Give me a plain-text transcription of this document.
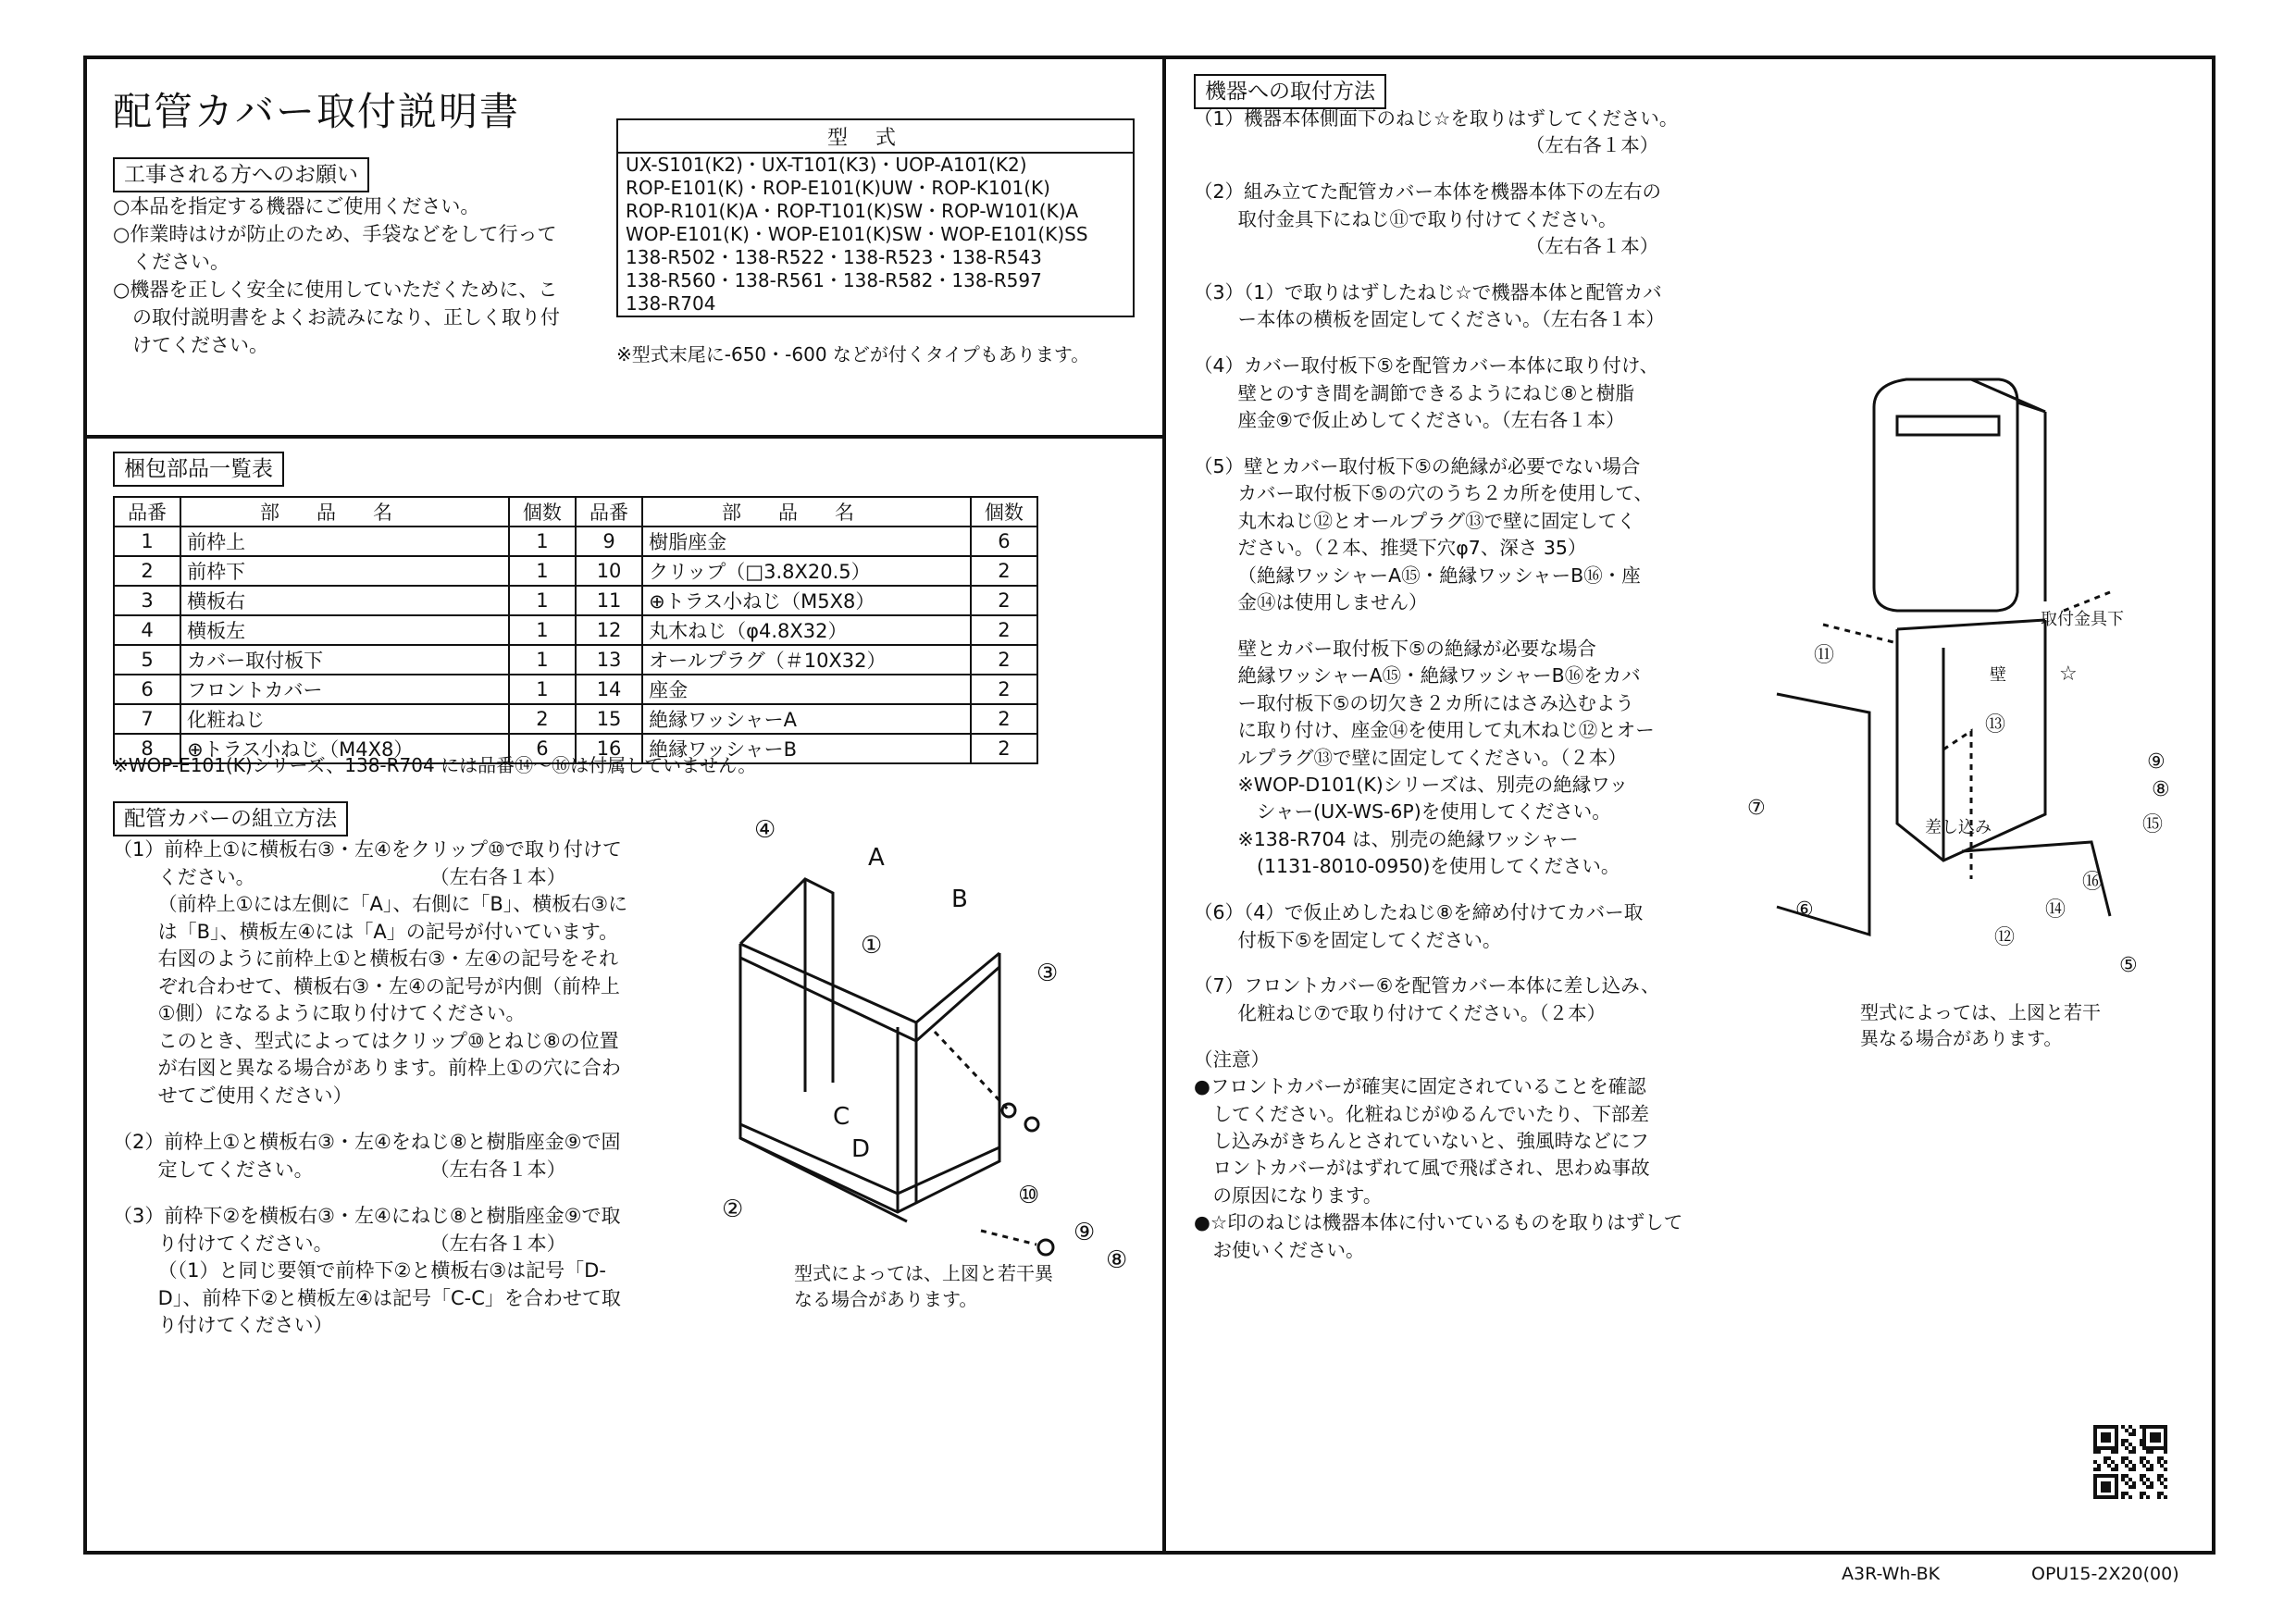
配管カバー取付説明書
工事される方へのお願い
○本品を指定する機器にご使用ください。
○作業時はけが防止のため、手袋などをして行って
　ください。
○機器を正しく安全に使用していただくために、こ
　の取付説明書をよくお読みになり、正しく取り付
　けてください。
型式

UX-S101(K2)・UX-T101(K3)・UOP-A101(K2)
ROP-E101(K)・ROP-E101(K)UW・ROP-K101(K)
ROP-R101(K)A・ROP-T101(K)SW・ROP-W101(K)A
WOP-E101(K)・WOP-E101(K)SW・WOP-E101(K)SS
138-R502・138-R522・138-R523・138-R543
138-R560・138-R561・138-R582・138-R597
138-R704
※型式末尾に-650・-600 などが付くタイプもあります。
梱包部品一覧表
品番	部品名	個数	品番	部品名	個数
1	前枠上	1	9	樹脂座金	6
2	前枠下	1	10	クリップ（□3.8X20.5）	2
3	横板右	1	11	⊕トラス小ねじ（M5X8）	2
4	横板左	1	12	丸木ねじ（φ4.8X32）	2
5	カバー取付板下	1	13	オールプラグ（＃10X32）	2
6	フロントカバー	1	14	座金	2
7	化粧ねじ	2	15	絶縁ワッシャーA	2
8	⊕トラス小ねじ（M4X8）	6	16	絶縁ワッシャーB	2
※WOP-E101(K)シリーズ、138-R704 には品番⑭〜⑯は付属していません。
配管カバーの組立方法
（1）前枠上①に横板右③・左④をクリップ⑩で取り付けて
　　 ください。　　　　　　　　　　（左右各１本）
　　 （前枠上①には左側に「A」、右側に「B」、横板右③に
　　 は「B」、横板左④には「A」の記号が付いています。
　　 右図のように前枠上①と横板右③・左④の記号をそれ
　　 ぞれ合わせて、横板右③・左④の記号が内側（前枠上
　　 ①側）になるように取り付けてください。
　　 このとき、型式によってはクリップ⑩とねじ⑧の位置
　　 が右図と異なる場合があります。前枠上①の穴に合わ
　　 せてご使用ください）
（2）前枠上①と横板右③・左④をねじ⑧と樹脂座金⑨で固
　　 定してください。　　　　　　　（左右各１本）
（3）前枠下②を横板右③・左④にねじ⑧と樹脂座金⑨で取
　　 り付けてください。　　　　　　（左右各１本）
　　 （（1）と同じ要領で前枠下②と横板右③は記号「D-
　　 D」、前枠下②と横板左④は記号「C-C」を合わせて取
　　 り付けてください）
④
A
B
①
③
C
D
②	⑩
⑨
⑧
型式によっては、上図と若干異
なる場合があります。
機器への取付方法
（1）機器本体側面下のねじ☆を取りはずしてください。
　　　　　　　　　　　　　　　　　　（左右各１本）
（2）組み立てた配管カバー本体を機器本体下の左右の
　　 取付金具下にねじ⑪で取り付けてください。
　　　　　　　　　　　　　　　　　　（左右各１本）
（3）（1）で取りはずしたねじ☆で機器本体と配管カバ
　　 ー本体の横板を固定してください。（左右各１本）
（4）カバー取付板下⑤を配管カバー本体に取り付け、
　　 壁とのすき間を調節できるようにねじ⑧と樹脂
　　 座金⑨で仮止めしてください。（左右各１本）
（5）壁とカバー取付板下⑤の絶縁が必要でない場合
　　 カバー取付板下⑤の穴のうち２カ所を使用して、
　　 丸木ねじ⑫とオールプラグ⑬で壁に固定してく
　　 ださい。（２本、推奨下穴φ7、深さ 35）
　　 （絶縁ワッシャーA⑮・絶縁ワッシャーB⑯・座
　　 金⑭は使用しません）
　　 壁とカバー取付板下⑤の絶縁が必要な場合
　　 絶縁ワッシャーA⑮・絶縁ワッシャーB⑯をカバ
　　 ー取付板下⑤の切欠き２カ所にはさみ込むよう
　　 に取り付け、座金⑭を使用して丸木ねじ⑫とオー
　　 ルプラグ⑬で壁に固定してください。（２本）
　　 ※WOP-D101(K)シリーズは、別売の絶縁ワッ
　　 　シャー(UX-WS-6P)を使用してください。
　　 ※138-R704 は、別売の絶縁ワッシャー
　　 　(1131-8010-0950)を使用してください。
（6）（4）で仮止めしたねじ⑧を締め付けてカバー取
　　 付板下⑤を固定してください。
（7）フロントカバー⑥を配管カバー本体に差し込み、
　　 化粧ねじ⑦で取り付けてください。（２本）
（注意）
●フロントカバーが確実に固定されていることを確認
　してください。化粧ねじがゆるんでいたり、下部差
　し込みがきちんとされていないと、強風時などにフ
　ロントカバーがはずれて風で飛ばされ、思わぬ事故
　の原因になります。
●☆印のねじは機器本体に付いているものを取りはずして
　お使いください。
⑪
取付金具下
☆
壁
⑬
⑦
差し込み
⑨
⑧
⑮
⑯
⑭
⑫
⑥
⑤
型式によっては、上図と若干
異なる場合があります。
A3R-Wh-BK	OPU15-2X20(00)
